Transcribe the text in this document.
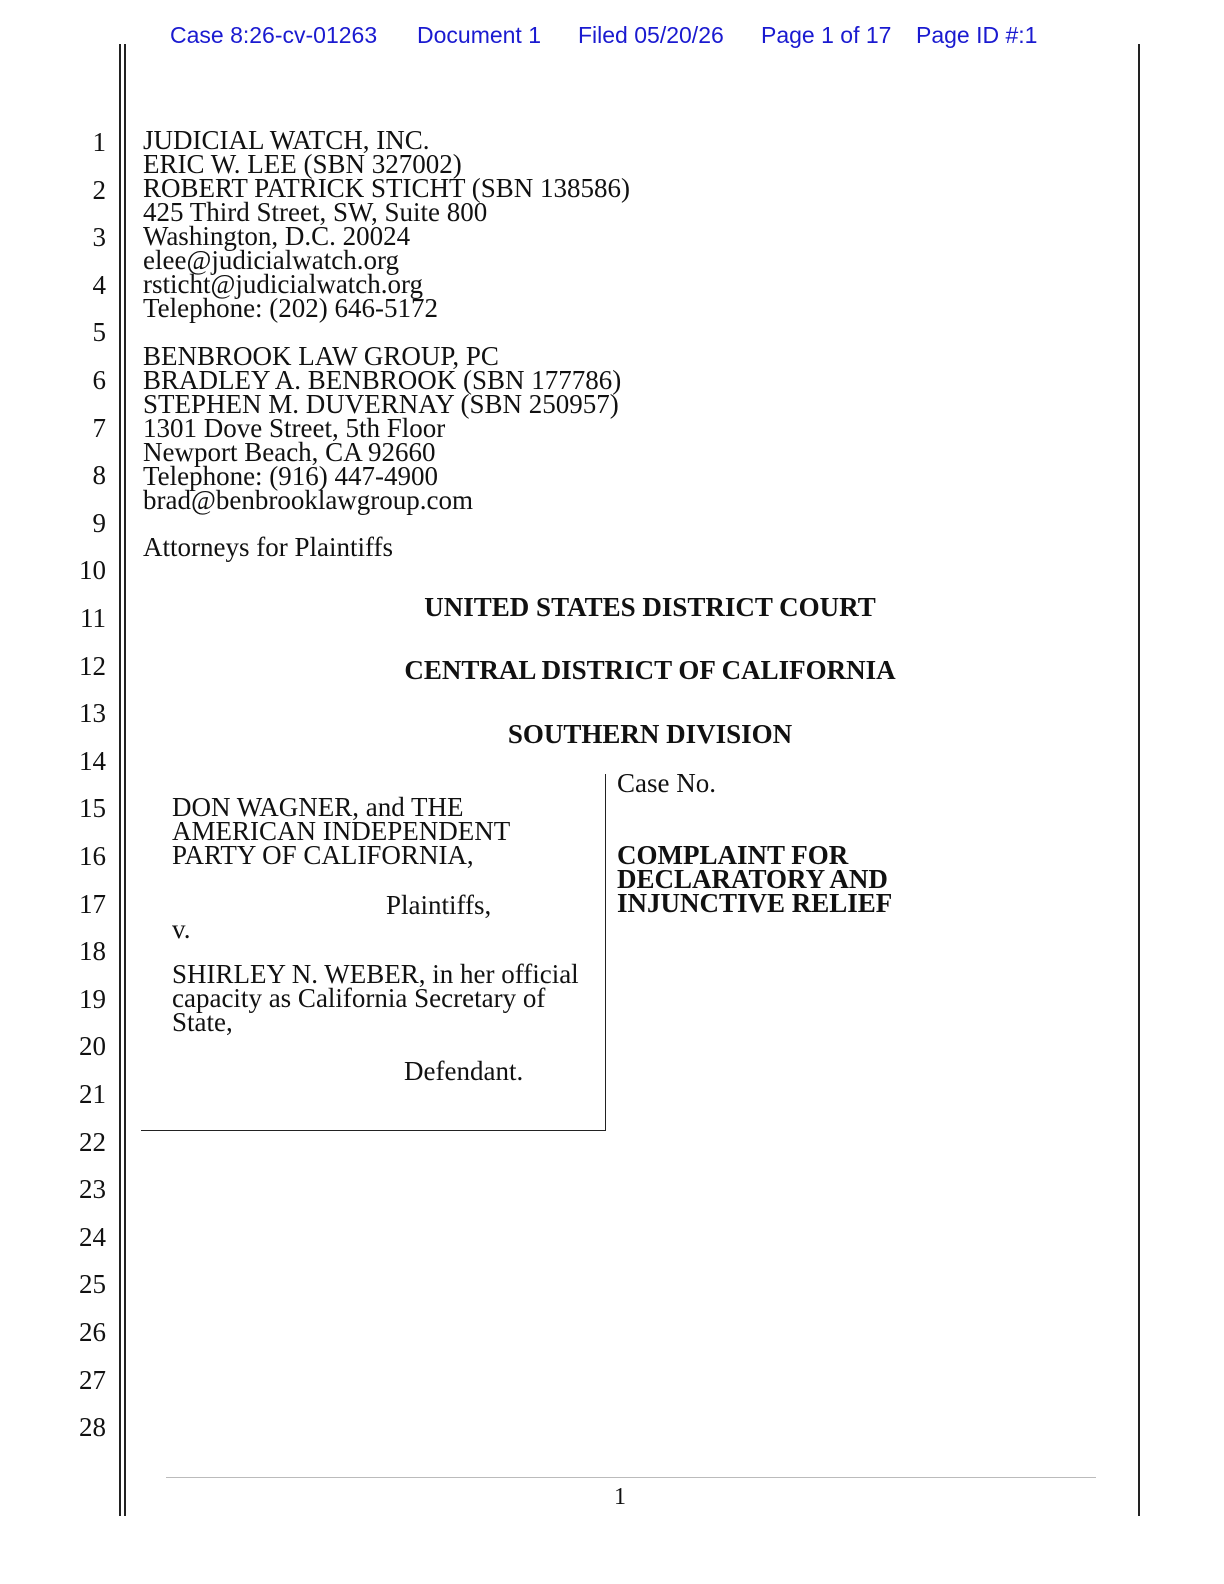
Case 8:26-cv-01263 Document 1 Filed 05/20/26 Page 1 of 17 Page ID #:1
1
2
3
4
5
6
7
8
9
10
11
12
13
14
15
16
17
18
19
20
21
22
23
24
25
26
27
28
JUDICIAL WATCH, INC.
ERIC W. LEE (SBN 327002)
ROBERT PATRICK STICHT (SBN 138586)
425 Third Street, SW, Suite 800
Washington, D.C. 20024
elee@judicialwatch.org
rsticht@judicialwatch.org
Telephone: (202) 646-5172
BENBROOK LAW GROUP, PC
BRADLEY A. BENBROOK (SBN 177786)
STEPHEN M. DUVERNAY (SBN 250957)
1301 Dove Street, 5th Floor
Newport Beach, CA 92660
Telephone: (916) 447-4900
brad@benbrooklawgroup.com
Attorneys for Plaintiffs
UNITED STATES DISTRICT COURT
CENTRAL DISTRICT OF CALIFORNIA
SOUTHERN DIVISION
DON WAGNER, and THE
AMERICAN INDEPENDENT
PARTY OF CALIFORNIA,
Plaintiffs,
v.
SHIRLEY N. WEBER, in her official
capacity as California Secretary of
State,
Defendant.
Case No.
COMPLAINT FOR
DECLARATORY AND
INJUNCTIVE RELIEF
1
